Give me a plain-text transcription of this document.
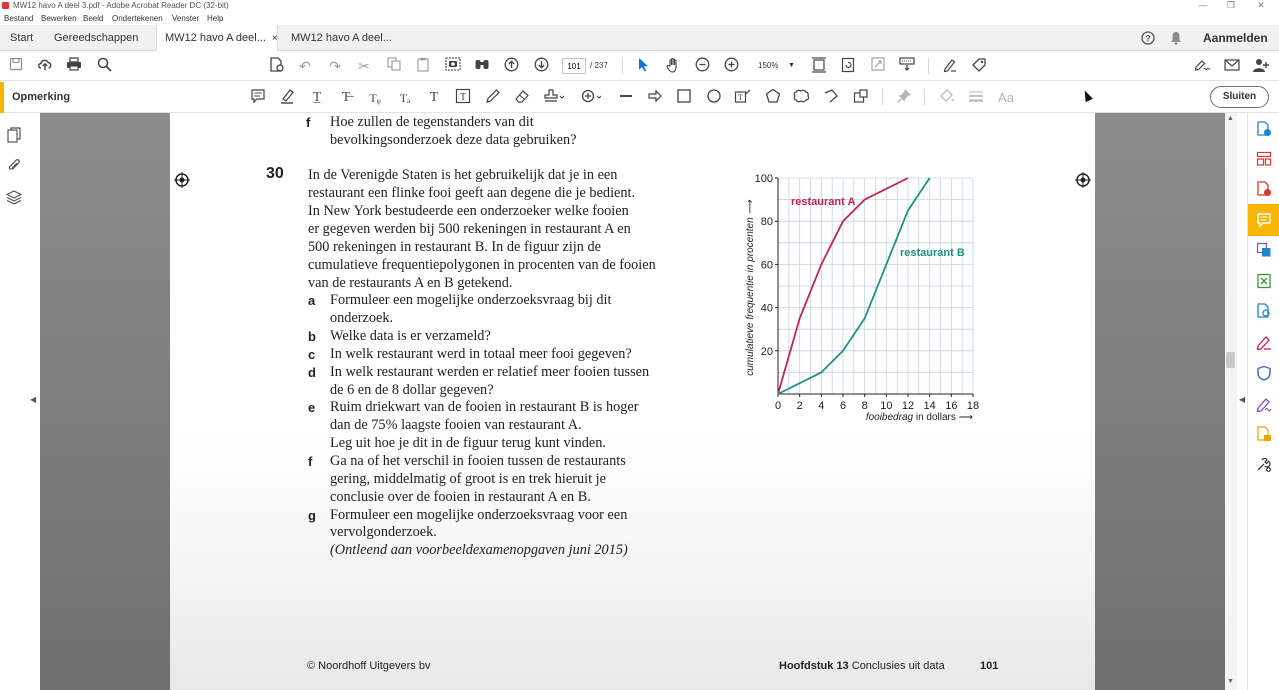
MW12 havo A deel 3.pdf - Adobe Acrobat Reader DC (32-bit)	—	❐	✕
Bestand Bewerken Beeld Ondertekenen Venster Help
Start	Gereedschappen	MW12 havo A deel... ×	MW12 havo A deel...	?	Aanmelden
↶ ↷ ✂
101	/ 237	150% ▼
Opmerking	T̲	T̶	Tᵩ	Tₐ	T	T	T	Aa	Sluiten
◀
f Hoe zullen de tegenstanders van dit
bevolkingsonderzoek deze data gebruiken?
30 In de Verenigde Staten is het gebruikelijk dat je in een
restaurant een flinke fooi geeft aan degene die je bedient.
In New York bestudeerde een onderzoeker welke fooien
er gegeven werden bij 500 rekeningen in restaurant A en
500 rekeningen in restaurant B. In de figuur zijn de
cumulatieve frequentiepolygonen in procenten van de fooien
van de restaurants A en B getekend.
a Formuleer een mogelijke onderzoeksvraag bij dit
onderzoek.
b Welke data is er verzameld?
c In welk restaurant werd in totaal meer fooi gegeven?
d In welk restaurant werden er relatief meer fooien tussen
de 6 en de 8 dollar gegeven?
e Ruim driekwart van de fooien in restaurant B is hoger
dan de 75% laagste fooien van restaurant A.
Leg uit hoe je dit in de figuur terug kunt vinden.
f Ga na of het verschil in fooien tussen de restaurants
gering, middelmatig of groot is en trek hieruit je
conclusie over de fooien in restaurant A en B.
g Formuleer een mogelijke onderzoeksvraag voor een
vervolgonderzoek.
(Ontleend aan voorbeeldexamenopgaven juni 2015)
0 2 4 6 8 10 12 14 16 18
20
40
60
80
100
restaurant A
restaurant B
cumulatieve frequentie in procenten ⟶
fooibedrag in dollars ⟶
© Noordhoff Uitgevers bv	Hoofdstuk 13 Conclusies uit data	101
▲
▼
◀
